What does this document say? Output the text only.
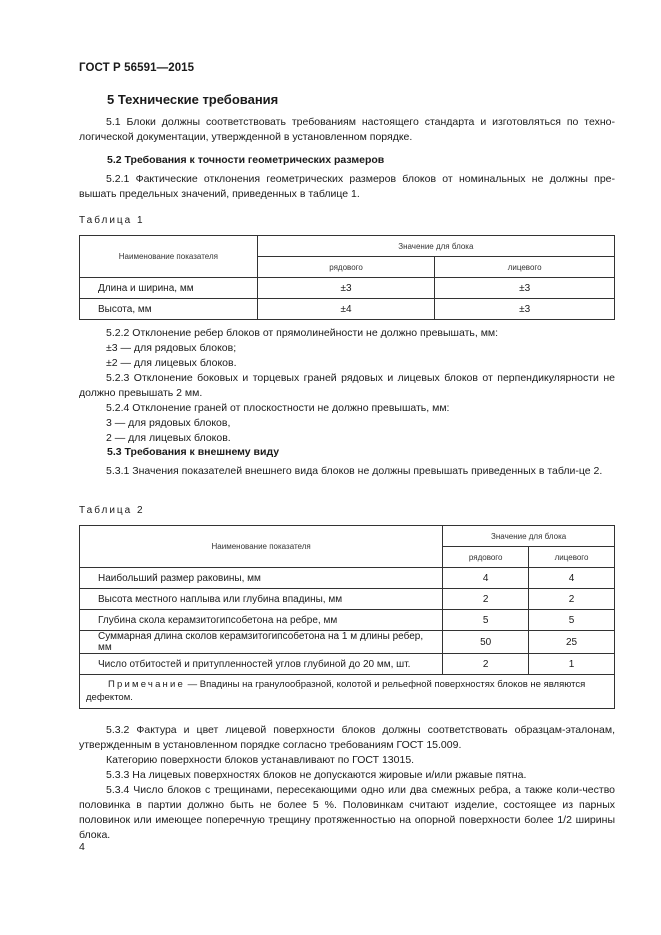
ГОСТ Р 56591—2015
5 Технические требования
5.1 Блоки должны соответствовать требованиям настоящего стандарта и изготовляться по техно-логической документации, утвержденной в установленном порядке.
5.2 Требования к точности геометрических размеров
5.2.1 Фактические отклонения геометрических размеров блоков от номинальных не должны пре-вышать предельных значений, приведенных в таблице 1.
Таблица 1
Наименование показателя	Значение для блока	
	рядового	лицевого
Длина и ширина, мм	±3	±3
Высота, мм	±4	±3
5.2.2 Отклонение ребер блоков от прямолинейности не должно превышать, мм:
±3 — для рядовых блоков;
±2 — для лицевых блоков.
5.2.3 Отклонение боковых и торцевых граней рядовых и лицевых блоков от перпендикулярности не должно превышать 2 мм.
5.2.4 Отклонение граней от плоскостности не должно превышать, мм:
3 — для рядовых блоков,
2 — для лицевых блоков.
5.3 Требования к внешнему виду
5.3.1 Значения показателей внешнего вида блоков не должны превышать приведенных в табли-це 2.
Таблица 2
Наименование показателя	Значение для блока	
	рядового	лицевого
Наибольший размер раковины, мм	4	4
Высота местного наплыва или глубина впадины, мм	2	2
Глубина скола керамзитогипсобетона на ребре, мм	5	5
Суммарная длина сколов керамзитогипсобетона на 1 м длины ребер, мм	50	25
Число отбитостей и притупленностей углов глубиной до 20 мм, шт.	2	1
Примечание — Впадины на гранулообразной, колотой и рельефной поверхностях блоков не являются дефектом.		
5.3.2 Фактура и цвет лицевой поверхности блоков должны соответствовать образцам-эталонам, утвержденным в установленном порядке согласно требованиям ГОСТ 15.009.
Категорию поверхности блоков устанавливают по ГОСТ 13015.
5.3.3 На лицевых поверхностях блоков не допускаются жировые и/или ржавые пятна.
5.3.4 Число блоков с трещинами, пересекающими одно или два смежных ребра, а также коли-чество половинка в партии должно быть не более 5 %. Половинкам считают изделие, состоящее из парных половинок или имеющее поперечную трещину протяженностью на опорной поверхности более 1/2 ширины блока.
4
